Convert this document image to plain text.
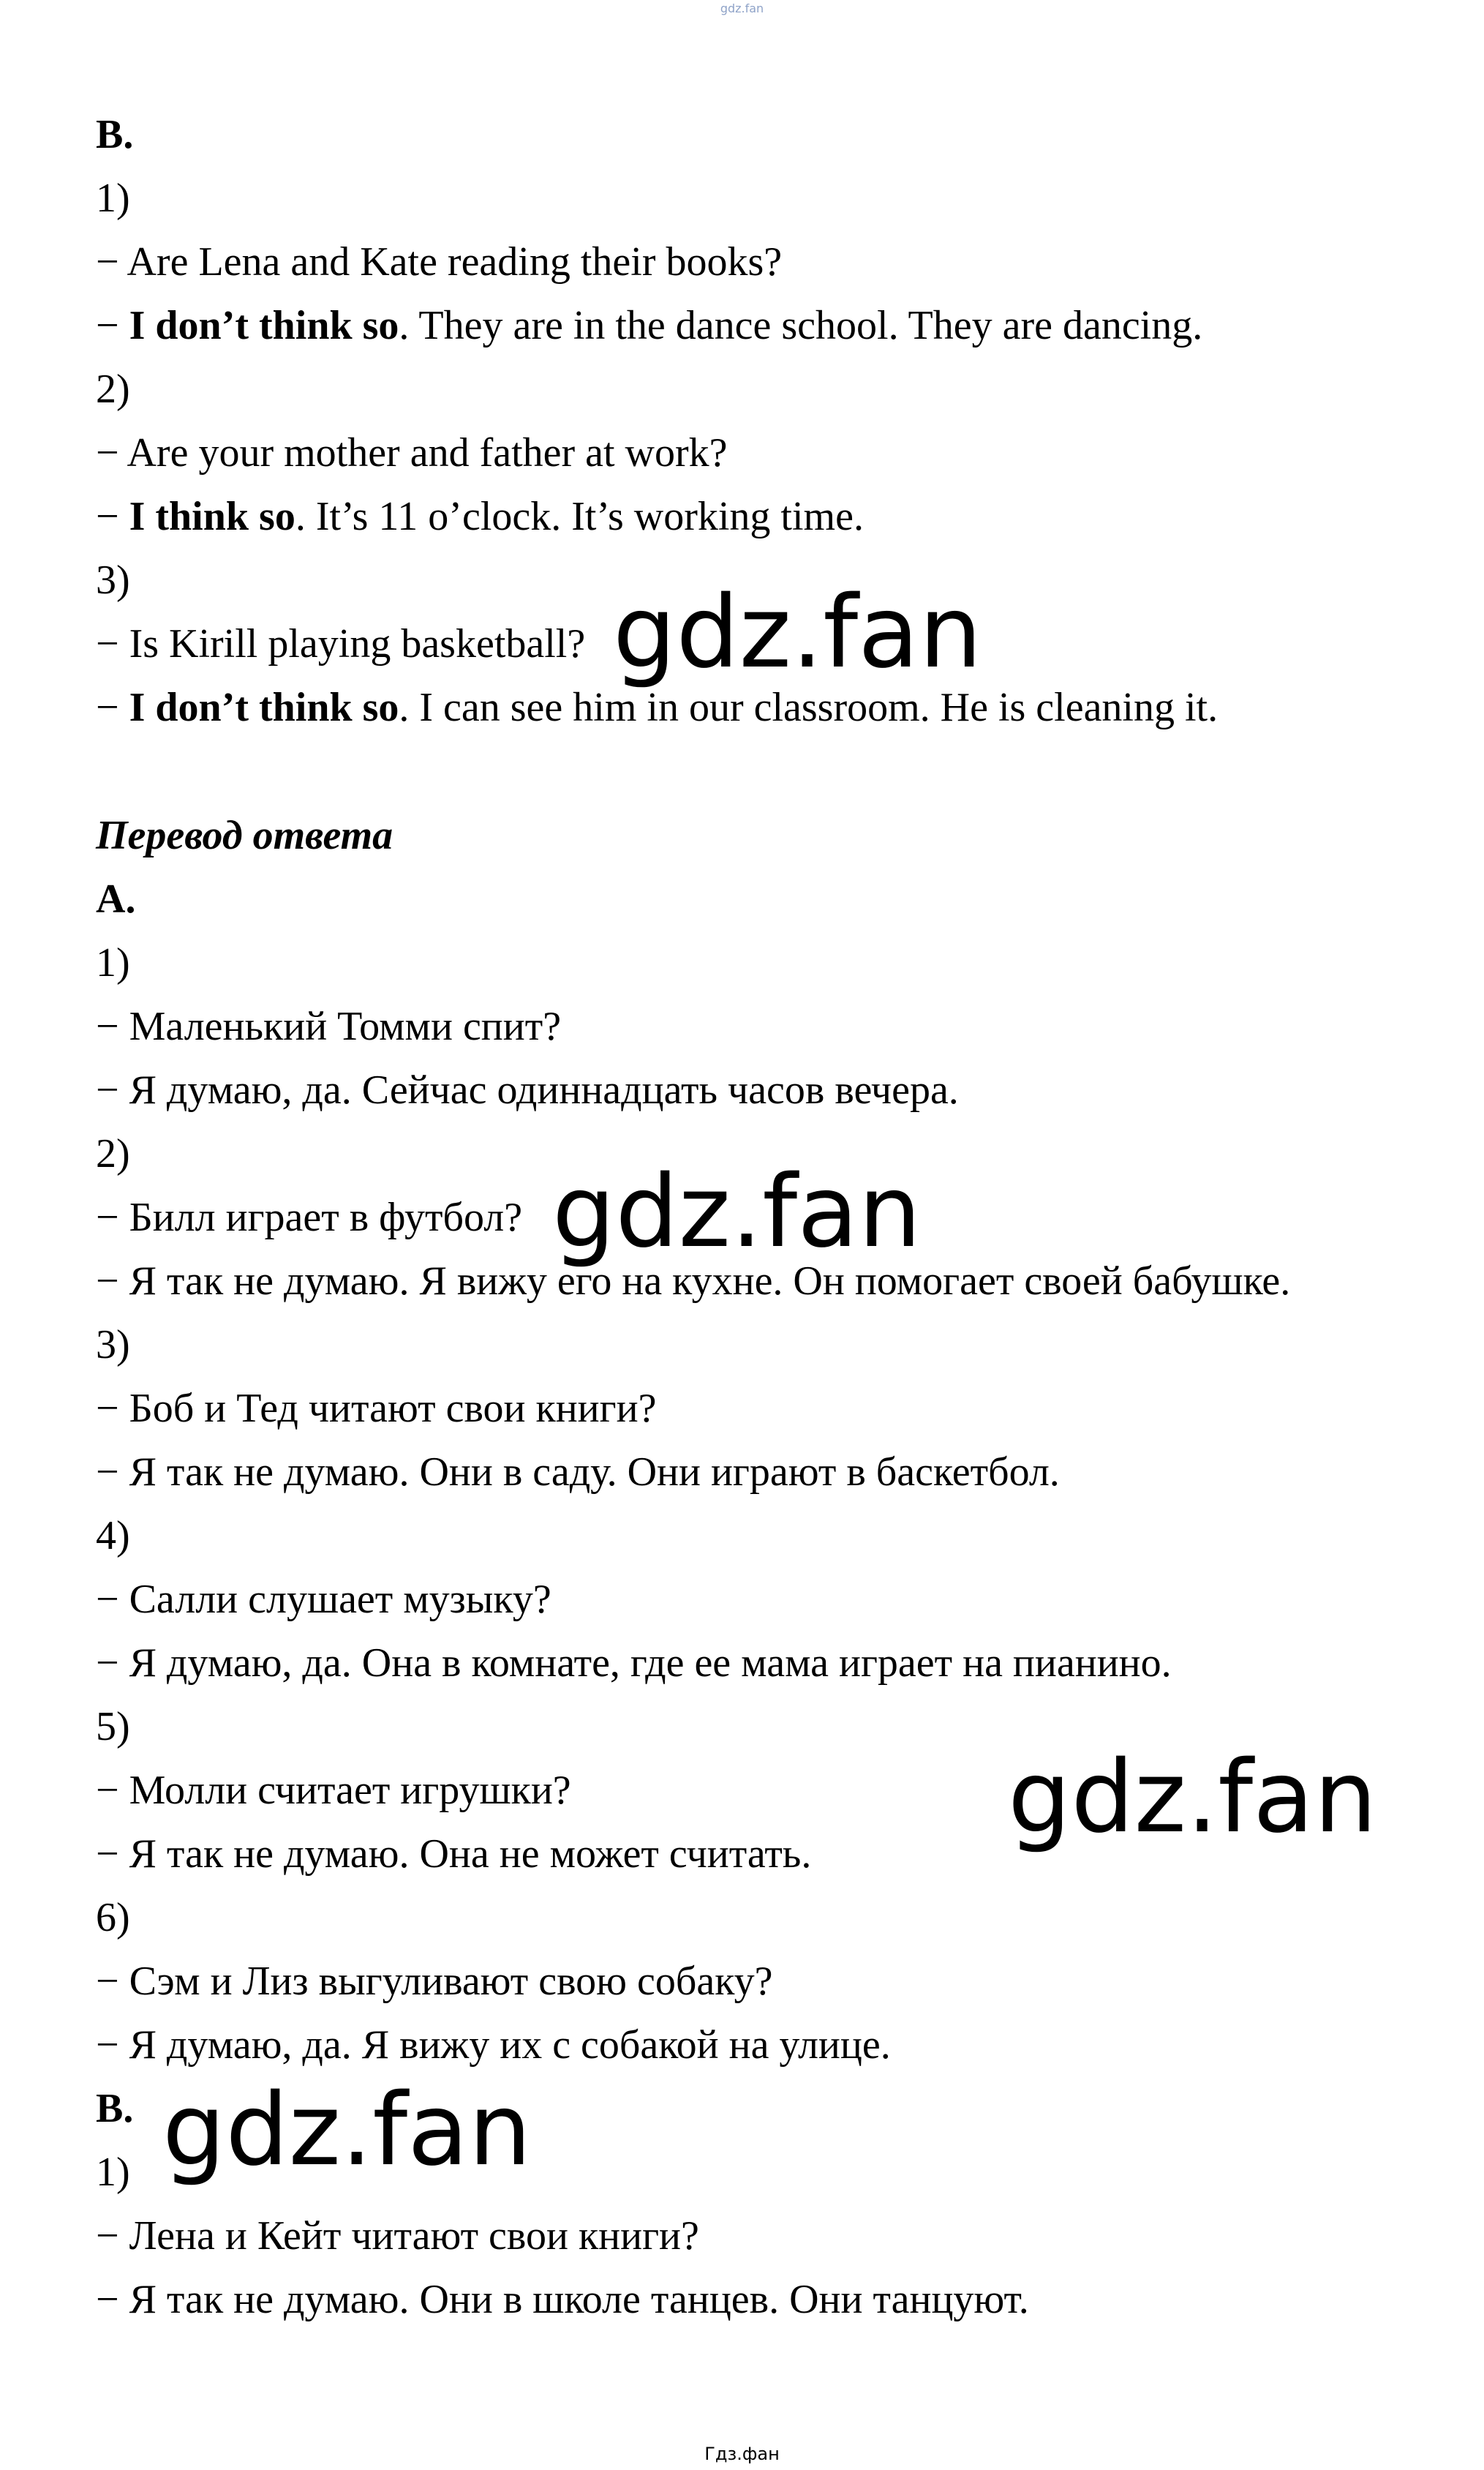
gdz.fan
B.
1)
− Are Lena and Kate reading their books?
− I don’t think so. They are in the dance school. They are dancing.
2)
− Are your mother and father at work?
− I think so. It’s 11 o’clock. It’s working time.
3)
− Is Kirill playing basketball?
− I don’t think so. I can see him in our classroom. He is cleaning it.
Перевод ответа
A.
1)
− Маленький Томми спит?
− Я думаю, да. Сейчас одиннадцать часов вечера.
2)
− Билл играет в футбол?
− Я так не думаю. Я вижу его на кухне. Он помогает своей бабушке.
3)
− Боб и Тед читают свои книги?
− Я так не думаю. Они в саду. Они играют в баскетбол.
4)
− Салли слушает музыку?
− Я думаю, да. Она в комнате, где ее мама играет на пианино.
5)
− Молли считает игрушки?
− Я так не думаю. Она не может считать.
6)
− Сэм и Лиз выгуливают свою собаку?
− Я думаю, да. Я вижу их с собакой на улице.
B.
1)
− Лена и Кейт читают свои книги?
− Я так не думаю. Они в школе танцев. Они танцуют.
gdz.fan
gdz.fan
gdz.fan
gdz.fan
Гдз.фан
